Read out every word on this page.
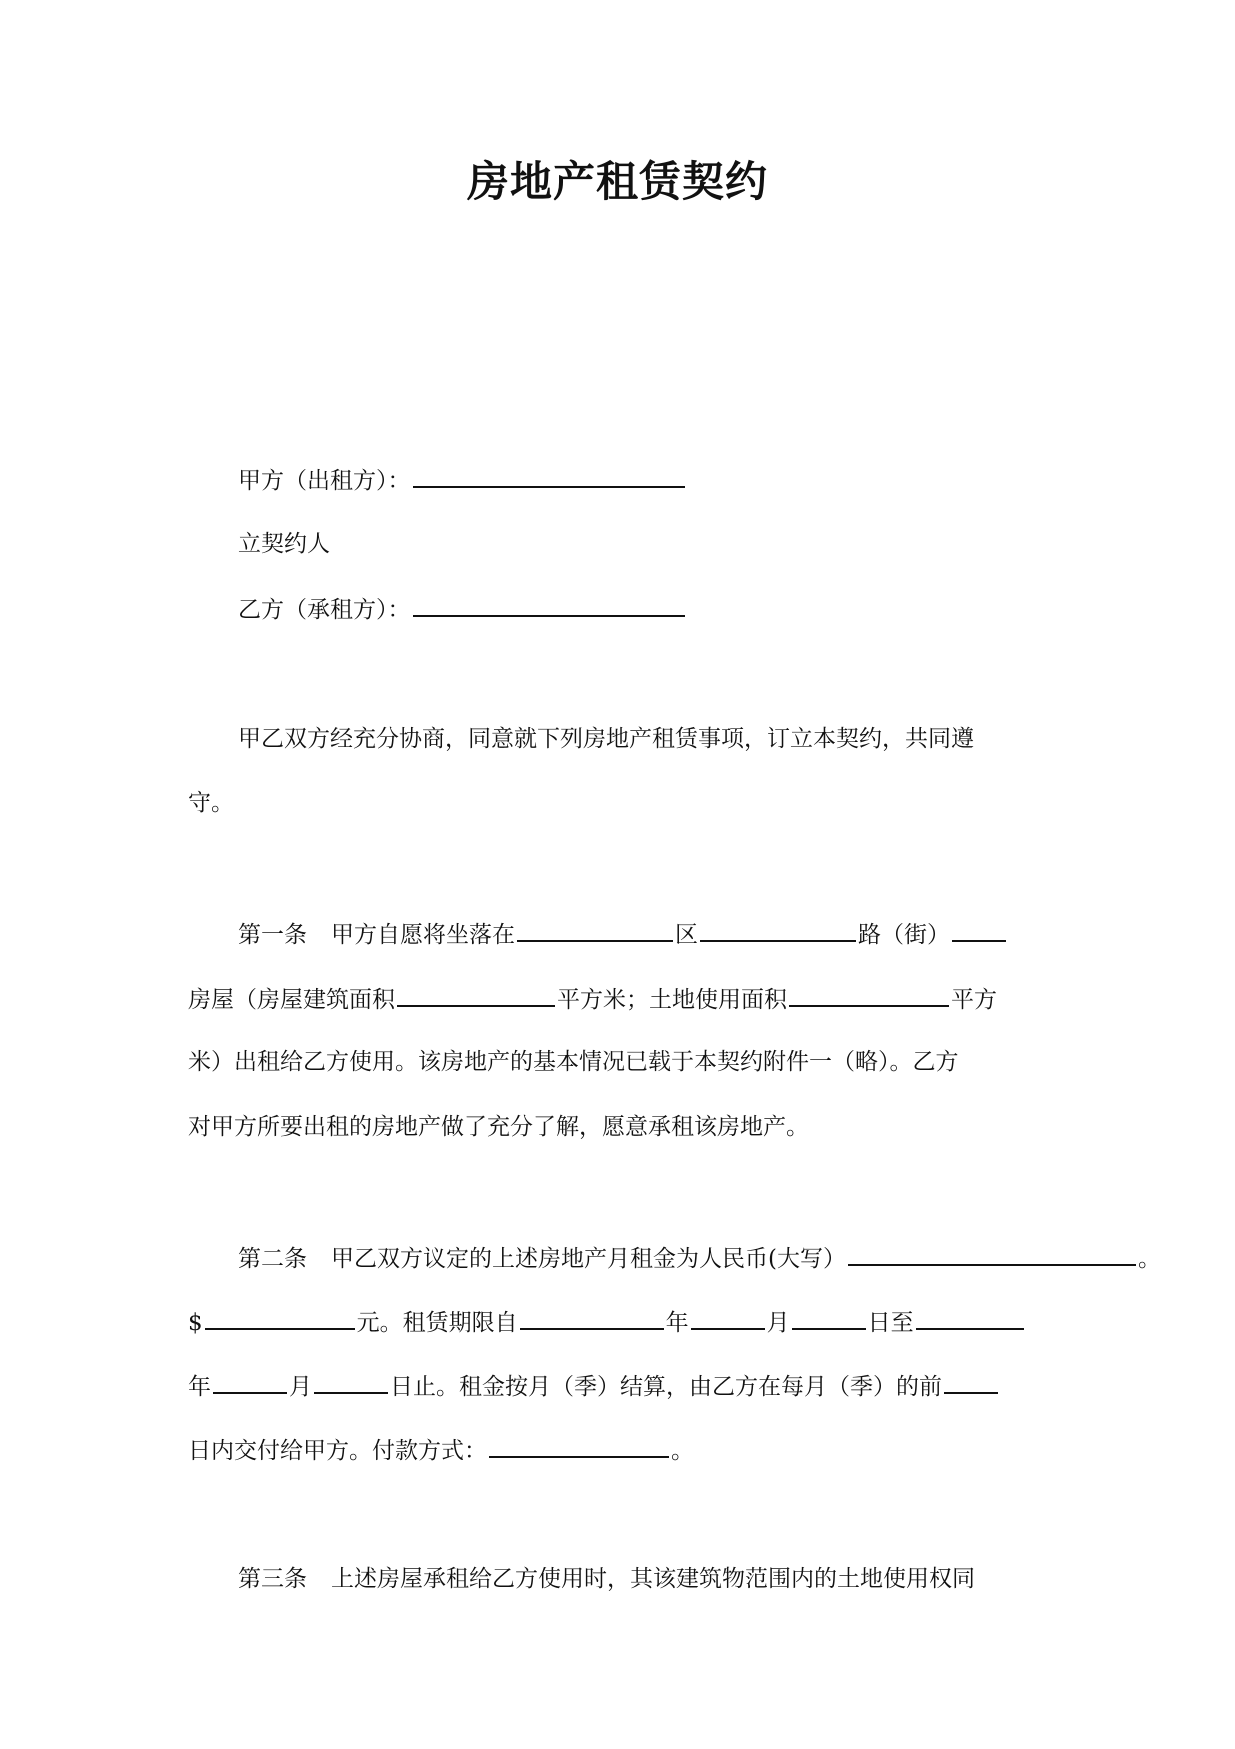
房地产租赁契约
甲方（出租方）：
立契约人
乙方（承租方）：
甲乙双方经充分协商，同意就下列房地产租赁事项，订立本契约，共同遵
守。
第一条 甲方自愿将坐落在	区	路（街）
房屋（房屋建筑面积	平方米；土地使用面积	平方
米）出租给乙方使用。该房地产的基本情况已载于本契约附件一（略）。乙方
对甲方所要出租的房地产做了充分了解，愿意承租该房地产。
第二条 甲乙双方议定的上述房地产月租金为人民币(大写）	。
$	元。租赁期限自	年	月	日至
年	月	日止。租金按月（季）结算，由乙方在每月（季）的前
日内交付给甲方。付款方式：	。
第三条 上述房屋承租给乙方使用时，其该建筑物范围内的土地使用权同
